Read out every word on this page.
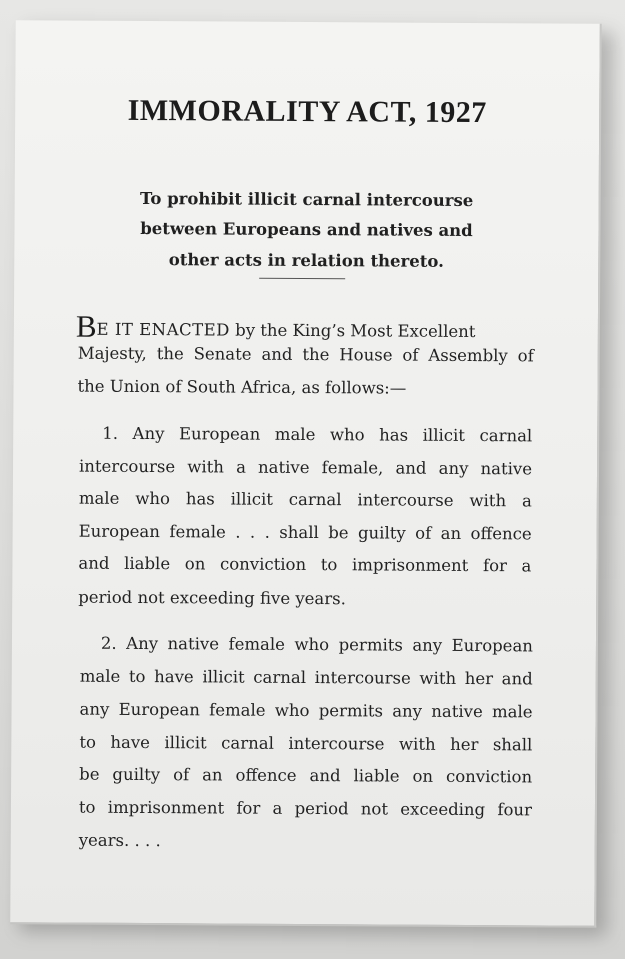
IMMORALITY ACT, 1927
To prohibit illicit carnal intercourse
between Europeans and natives and
other acts in relation thereto.
BE IT ENACTED by the King’s Most Excellent
Majesty, the Senate and the House of Assembly of
the Union of South Africa, as follows:—
1. Any European male who has illicit carnal
intercourse with a native female, and any native
male who has illicit carnal intercourse with a
European female . . . shall be guilty of an offence
and liable on conviction to imprisonment for a
period not exceeding five years.
2. Any native female who permits any European
male to have illicit carnal intercourse with her and
any European female who permits any native male
to have illicit carnal intercourse with her shall
be guilty of an offence and liable on conviction
to imprisonment for a period not exceeding four
years. . . .
